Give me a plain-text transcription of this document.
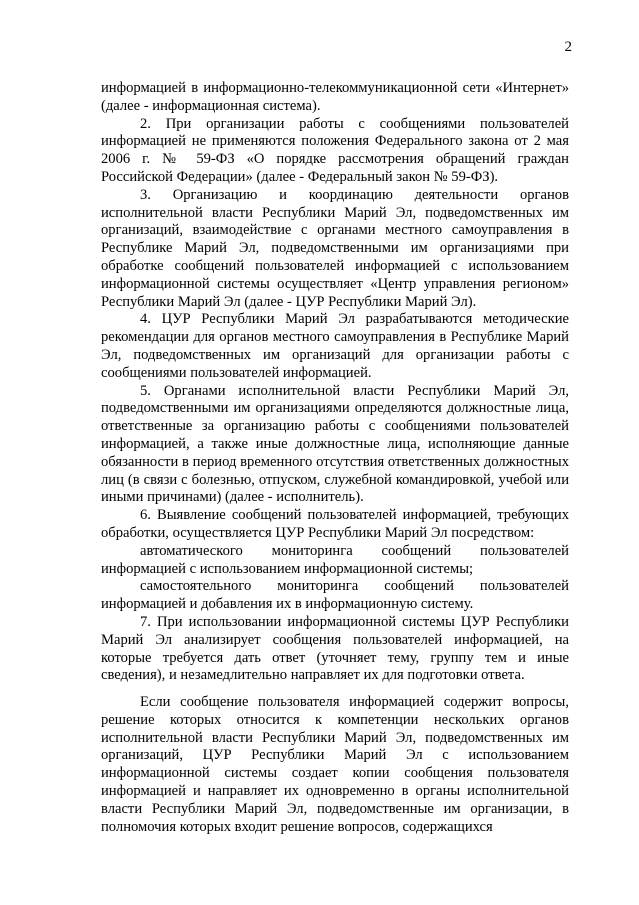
2

информацией в информационно-телекоммуникационной сети «Интернет» (далее - информационная система).

2. При организации работы с сообщениями пользователей информацией не применяются положения Федерального закона от 2 мая 2006 г. № 59-ФЗ «О порядке рассмотрения обращений граждан Российской Федерации» (далее - Федеральный закон № 59-ФЗ).

3. Организацию и координацию деятельности органов исполнительной власти Республики Марий Эл, подведомственных им организаций, взаимодействие с органами местного самоуправления в Республике Марий Эл, подведомственными им организациями при обработке сообщений пользователей информацией с использованием информационной системы осуществляет «Центр управления регионом» Республики Марий Эл (далее - ЦУР Республики Марий Эл).

4. ЦУР Республики Марий Эл разрабатываются методические рекомендации для органов местного самоуправления в Республике Марий Эл, подведомственных им организаций для организации работы с сообщениями пользователей информацией.

5. Органами исполнительной власти Республики Марий Эл, подведомственными им организациями определяются должностные лица, ответственные за организацию работы с сообщениями пользователей информацией, а также иные должностные лица, исполняющие данные обязанности в период временного отсутствия ответственных должностных лиц (в связи с болезнью, отпуском, служебной командировкой, учебой или иными причинами) (далее - исполнитель).

6. Выявление сообщений пользователей информацией, требующих обработки, осуществляется ЦУР Республики Марий Эл посредством:

автоматического мониторинга сообщений пользователей информацией с использованием информационной системы;

самостоятельного мониторинга сообщений пользователей информацией и добавления их в информационную систему.

7. При использовании информационной системы ЦУР Республики Марий Эл анализирует сообщения пользователей информацией, на которые требуется дать ответ (уточняет тему, группу тем и иные сведения), и незамедлительно направляет их для подготовки ответа.

Если сообщение пользователя информацией содержит вопросы, решение которых относится к компетенции нескольких органов исполнительной власти Республики Марий Эл, подведомственных им организаций, ЦУР Республики Марий Эл с использованием информационной системы создает копии сообщения пользователя информацией и направляет их одновременно в органы исполнительной власти Республики Марий Эл, подведомственные им организации, в полномочия которых входит решение вопросов, содержащихся
